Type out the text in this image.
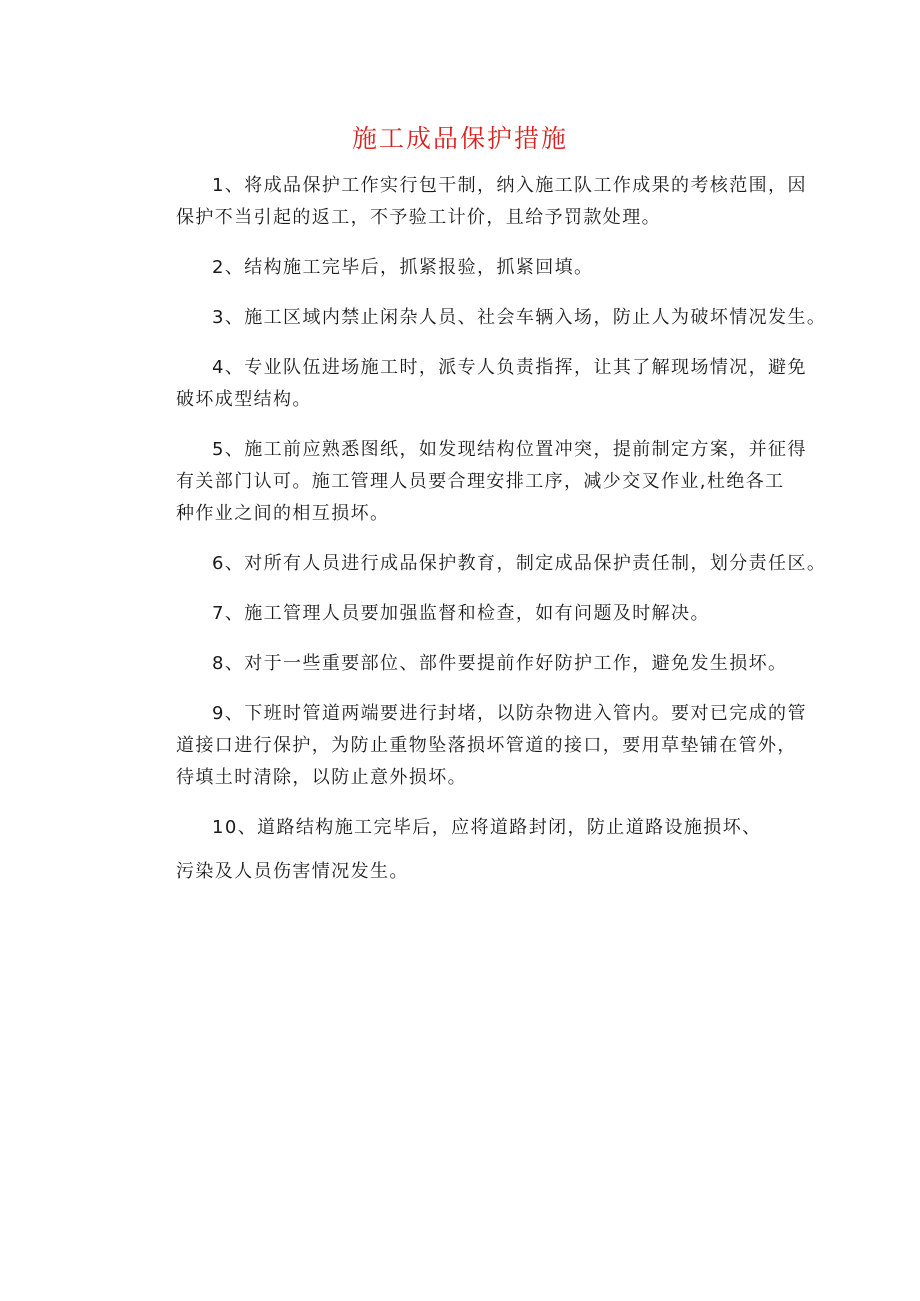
施工成品保护措施
1、将成品保护工作实行包干制，纳入施工队工作成果的考核范围，因
保护不当引起的返工，不予验工计价，且给予罚款处理。
2、结构施工完毕后，抓紧报验，抓紧回填。
3、施工区域内禁止闲杂人员、社会车辆入场，防止人为破坏情况发生。
4、专业队伍进场施工时，派专人负责指挥，让其了解现场情况，避免
破坏成型结构。
5、施工前应熟悉图纸，如发现结构位置冲突，提前制定方案，并征得
有关部门认可。施工管理人员要合理安排工序，减少交叉作业,杜绝各工
种作业之间的相互损坏。
6、对所有人员进行成品保护教育，制定成品保护责任制，划分责任区。
7、施工管理人员要加强监督和检查，如有问题及时解决。
8、对于一些重要部位、部件要提前作好防护工作，避免发生损坏。
9、下班时管道两端要进行封堵，以防杂物进入管内。要对已完成的管
道接口进行保护，为防止重物坠落损坏管道的接口，要用草垫铺在管外，
待填土时清除，以防止意外损坏。
10、道路结构施工完毕后，应将道路封闭，防止道路设施损坏、
污染及人员伤害情况发生。
